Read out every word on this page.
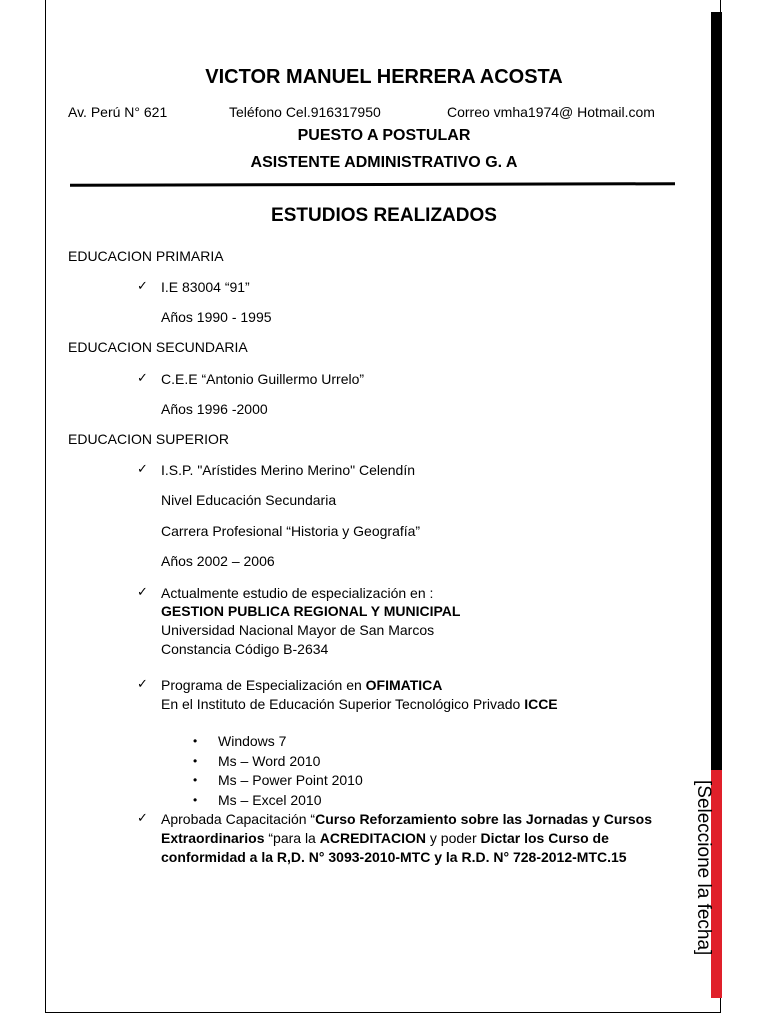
[Seleccione la fecha]
VICTOR MANUEL HERRERA ACOSTA
Av. Perú N° 621	Teléfono Cel.916317950	Correo vmha1974@ Hotmail.com
PUESTO A POSTULAR
ASISTENTE ADMINISTRATIVO G. A
ESTUDIOS REALIZADOS
EDUCACION PRIMARIA
✓ I.E 83004 “91”
Años 1990 - 1995
EDUCACION SECUNDARIA
✓ C.E.E “Antonio Guillermo Urrelo”
Años 1996 -2000
EDUCACION SUPERIOR
✓ I.S.P. "Arístides Merino Merino" Celendín
Nivel Educación Secundaria
Carrera Profesional “Historia y Geografía”
Años 2002 – 2006
✓ Actualmente estudio de especialización en :
GESTION PUBLICA REGIONAL Y MUNICIPAL
Universidad Nacional Mayor de San Marcos
Constancia Código B-2634
✓ Programa de Especialización en OFIMATICA
En el Instituto de Educación Superior Tecnológico Privado ICCE
• Windows 7
• Ms – Word 2010
• Ms – Power Point 2010
• Ms – Excel 2010
✓ Aprobada Capacitación “Curso Reforzamiento sobre las Jornadas y Cursos
Extraordinarios “para la ACREDITACION y poder Dictar los Curso de
conformidad a la R,D. N° 3093-2010-MTC y la R.D. N° 728-2012-MTC.15
